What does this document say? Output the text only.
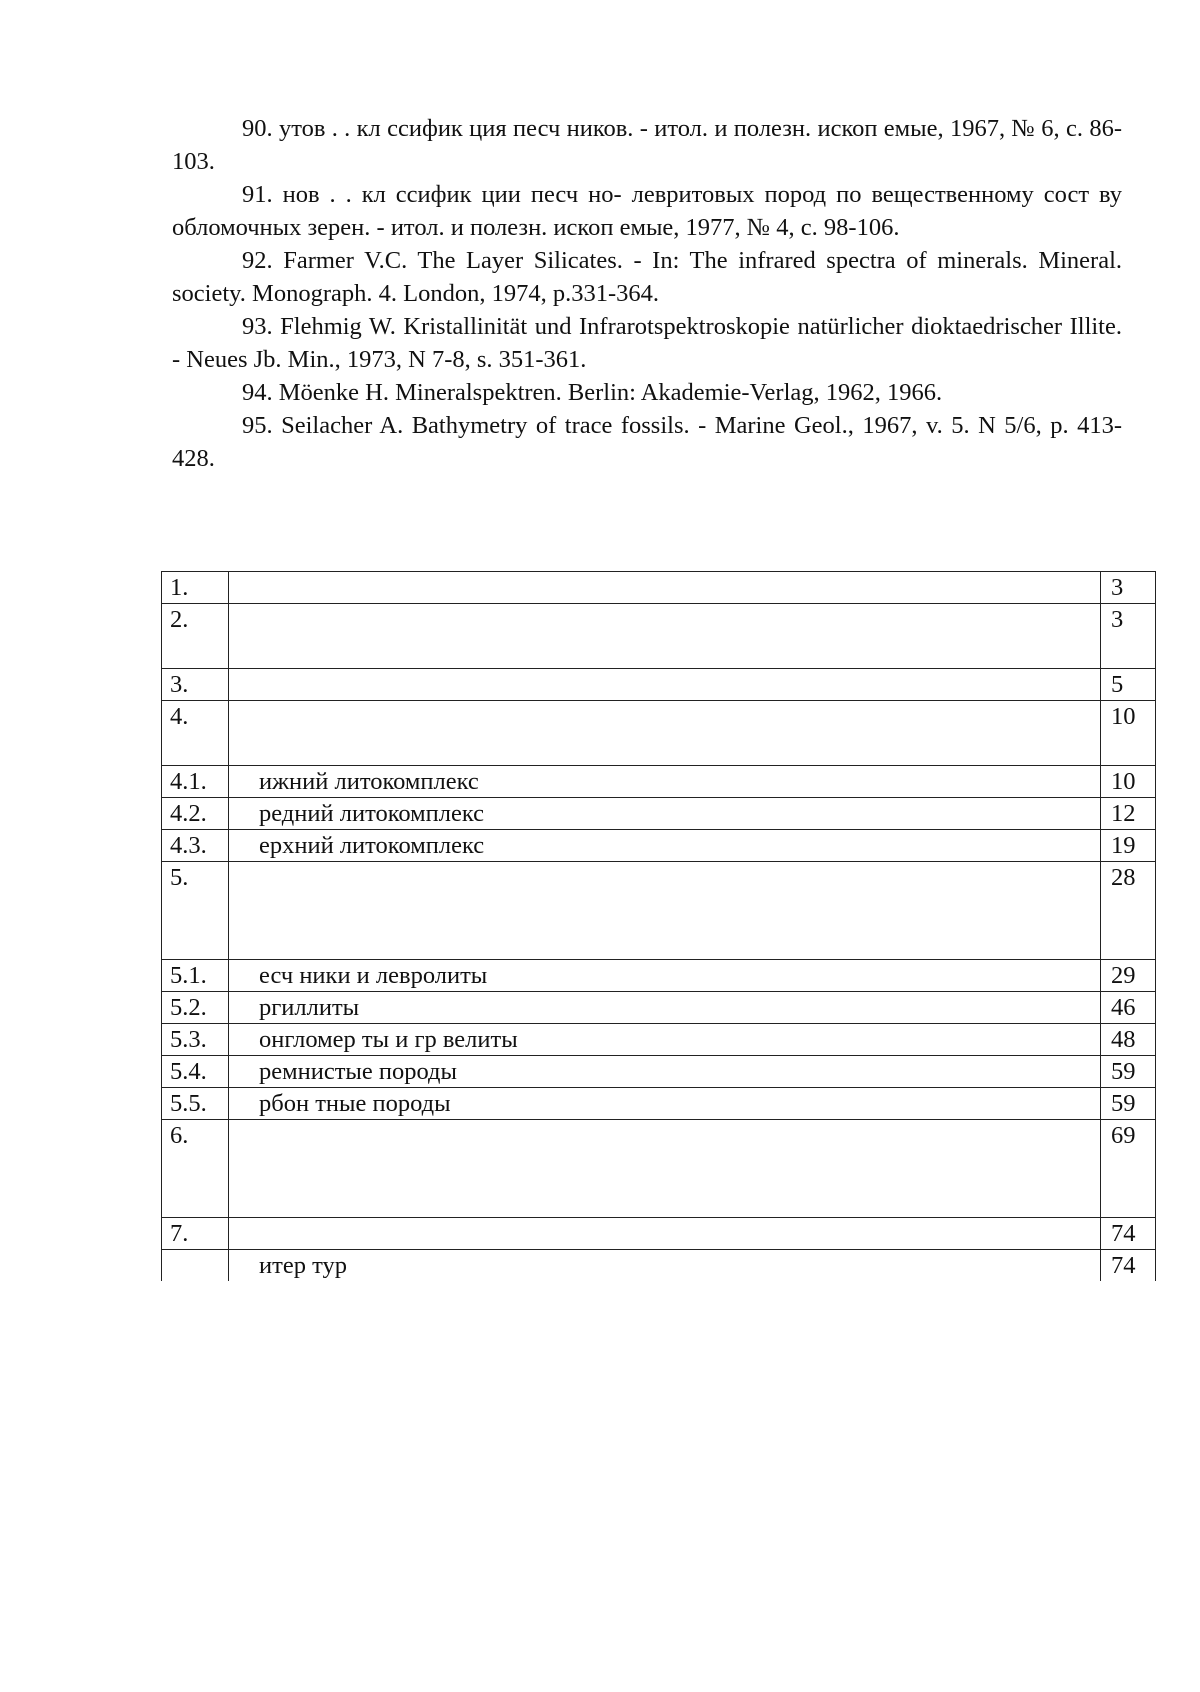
90. утов . . кл ссифик ция песч ников. - итол. и полезн. ископ емые, 1967, № 6, с. 86-103.

91. нов . . кл ссифик ции песч но- левритовых пород по вещественному сост ву обломочных зерен. - итол. и полезн. ископ емые, 1977, № 4, с. 98-106.

92. Farmer V.C. The Layer Silicates. - In: The infrared spectra of minerals. Mineral. society. Monograph. 4. London, 1974, p.331-364.

93. Flehmig W. Kristallinität und Infrarotspektroskopie natürlicher dioktaedrischer Illite. - Neues Jb. Min., 1973, N 7-8, s. 351-361.

94. Möenke H. Mineralspektren. Berlin: Akademie-Verlag, 1962, 1966.

95. Seilacher A. Bathymetry of trace fossils. - Marine Geol., 1967, v. 5. N 5/6, p. 413-428.

1.		3
2.		3
3.		5
4.		10
4.1.	ижний литокомплекс	10
4.2.	редний литокомплекс	12
4.3.	ерхний литокомплекс	19
5.		28
5.1.	есч ники и левролиты	29
5.2.	ргиллиты	46
5.3.	онгломер ты и гр велиты	48
5.4.	ремнистые породы	59
5.5.	рбон тные породы	59
6.		69
7.		74
	итер тур	74
